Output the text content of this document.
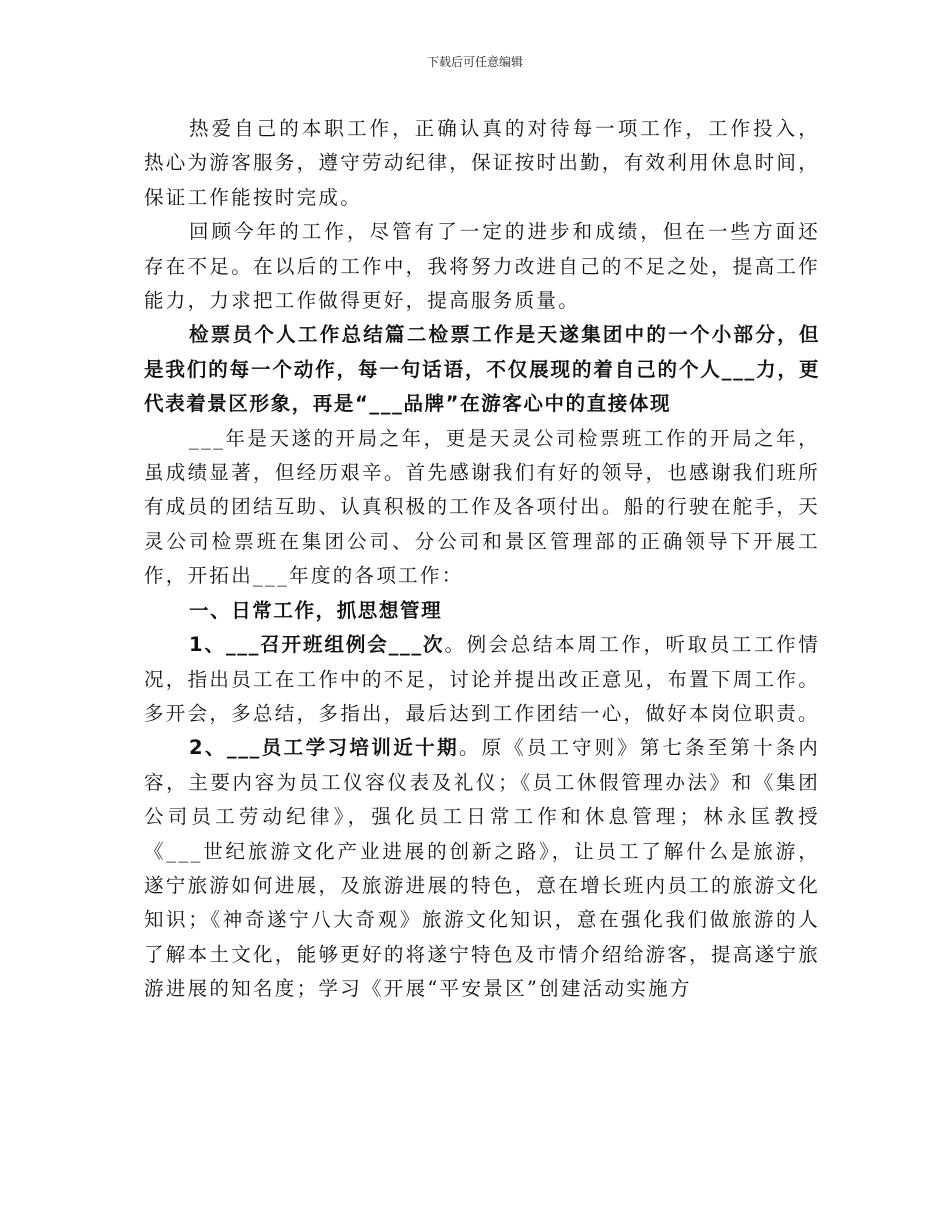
下载后可任意编辑

热爱自己的本职工作，正确认真的对待每一项工作，工作投入，热心为游客服务，遵守劳动纪律，保证按时出勤，有效利用休息时间，保证工作能按时完成。

回顾今年的工作，尽管有了一定的进步和成绩，但在一些方面还存在不足。在以后的工作中，我将努力改进自己的不足之处，提高工作能力，力求把工作做得更好，提高服务质量。

检票员个人工作总结篇二检票工作是天遂集团中的一个小部分，但是我们的每一个动作，每一句话语，不仅展现的着自己的个人___力，更代表着景区形象，再是“___品牌”在游客心中的直接体现

___年是天遂的开局之年，更是天灵公司检票班工作的开局之年，虽成绩显著，但经历艰辛。首先感谢我们有好的领导，也感谢我们班所有成员的团结互助、认真积极的工作及各项付出。船的行驶在舵手，天灵公司检票班在集团公司、分公司和景区管理部的正确领导下开展工作，开拓出___年度的各项工作：

一、日常工作，抓思想管理

1、___召开班组例会___次。例会总结本周工作，听取员工工作情况，指出员工在工作中的不足，讨论并提出改正意见，布置下周工作。多开会，多总结，多指出，最后达到工作团结一心，做好本岗位职责。

2、___员工学习培训近十期。原《员工守则》第七条至第十条内容，主要内容为员工仪容仪表及礼仪；《员工休假管理办法》和《集团公司员工劳动纪律》，强化员工日常工作和休息管理；林永匡教授《___世纪旅游文化产业进展的创新之路》，让员工了解什么是旅游，遂宁旅游如何进展，及旅游进展的特色，意在增长班内员工的旅游文化知识；《神奇遂宁八大奇观》旅游文化知识，意在强化我们做旅游的人了解本土文化，能够更好的将遂宁特色及市情介绍给游客，提高遂宁旅游进展的知名度；学习《开展“平安景区”创建活动实施方
